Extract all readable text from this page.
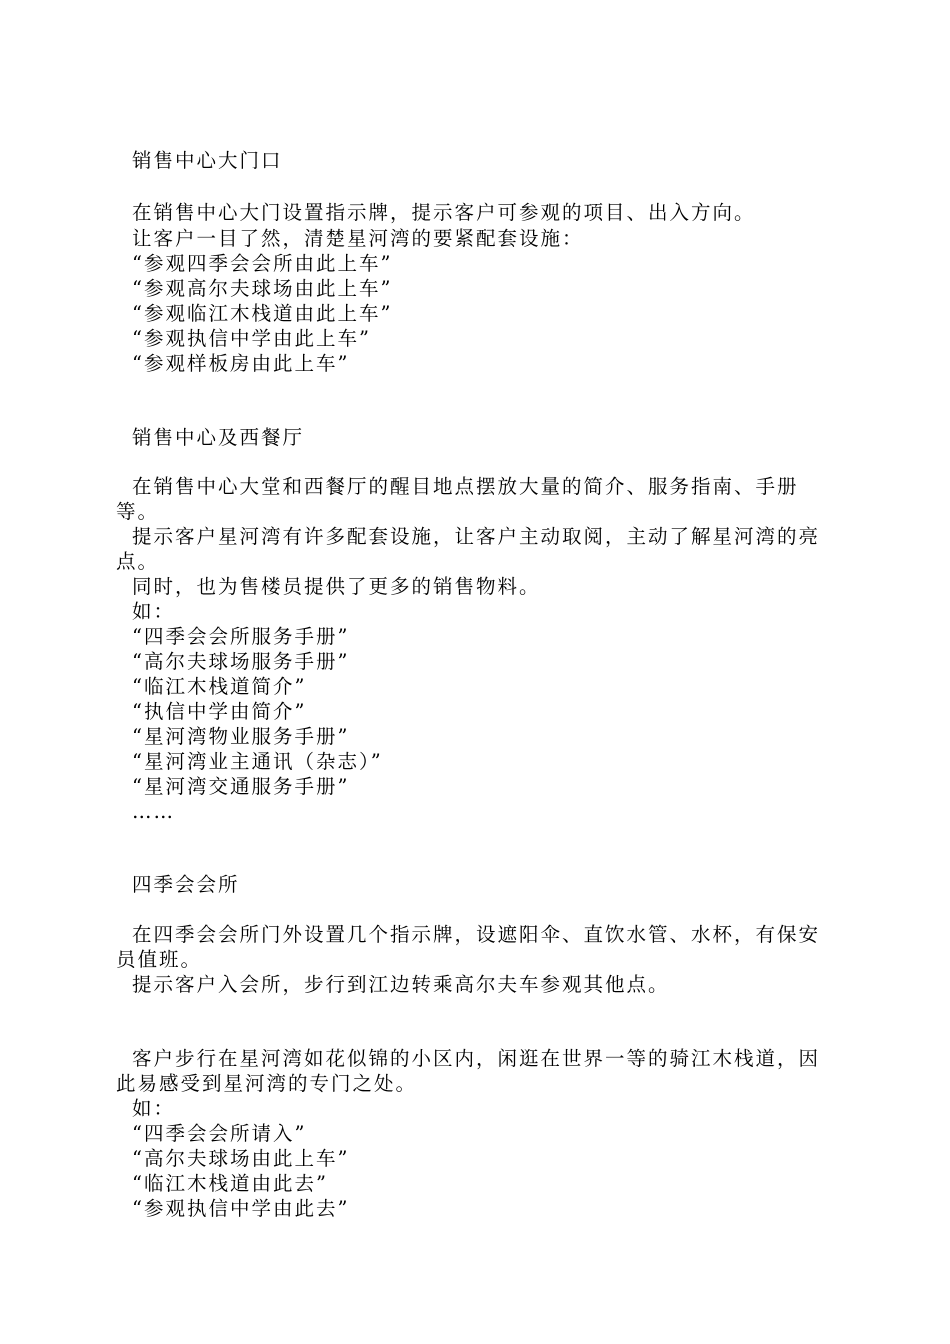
销售中心大门口
在销售中心大门设置指示牌，提示客户可参观的项目、出入方向。
让客户一目了然，清楚星河湾的要紧配套设施：
“参观四季会会所由此上车”
“参观高尔夫球场由此上车”
“参观临江木栈道由此上车”
“参观执信中学由此上车”
“参观样板房由此上车”
销售中心及西餐厅
在销售中心大堂和西餐厅的醒目地点摆放大量的简介、服务指南、手册等。
提示客户星河湾有许多配套设施，让客户主动取阅，主动了解星河湾的亮点。
同时，也为售楼员提供了更多的销售物料。
如：
“四季会会所服务手册”
“高尔夫球场服务手册”
“临江木栈道简介”
“执信中学由简介”
“星河湾物业服务手册”
“星河湾业主通讯（杂志）”
“星河湾交通服务手册”
……
四季会会所
在四季会会所门外设置几个指示牌，设遮阳伞、直饮水管、水杯，有保安员值班。
提示客户入会所，步行到江边转乘高尔夫车参观其他点。
客户步行在星河湾如花似锦的小区内，闲逛在世界一等的骑江木栈道，因此易感受到星河湾的专门之处。
如：
“四季会会所请入”
“高尔夫球场由此上车”
“临江木栈道由此去”
“参观执信中学由此去”
